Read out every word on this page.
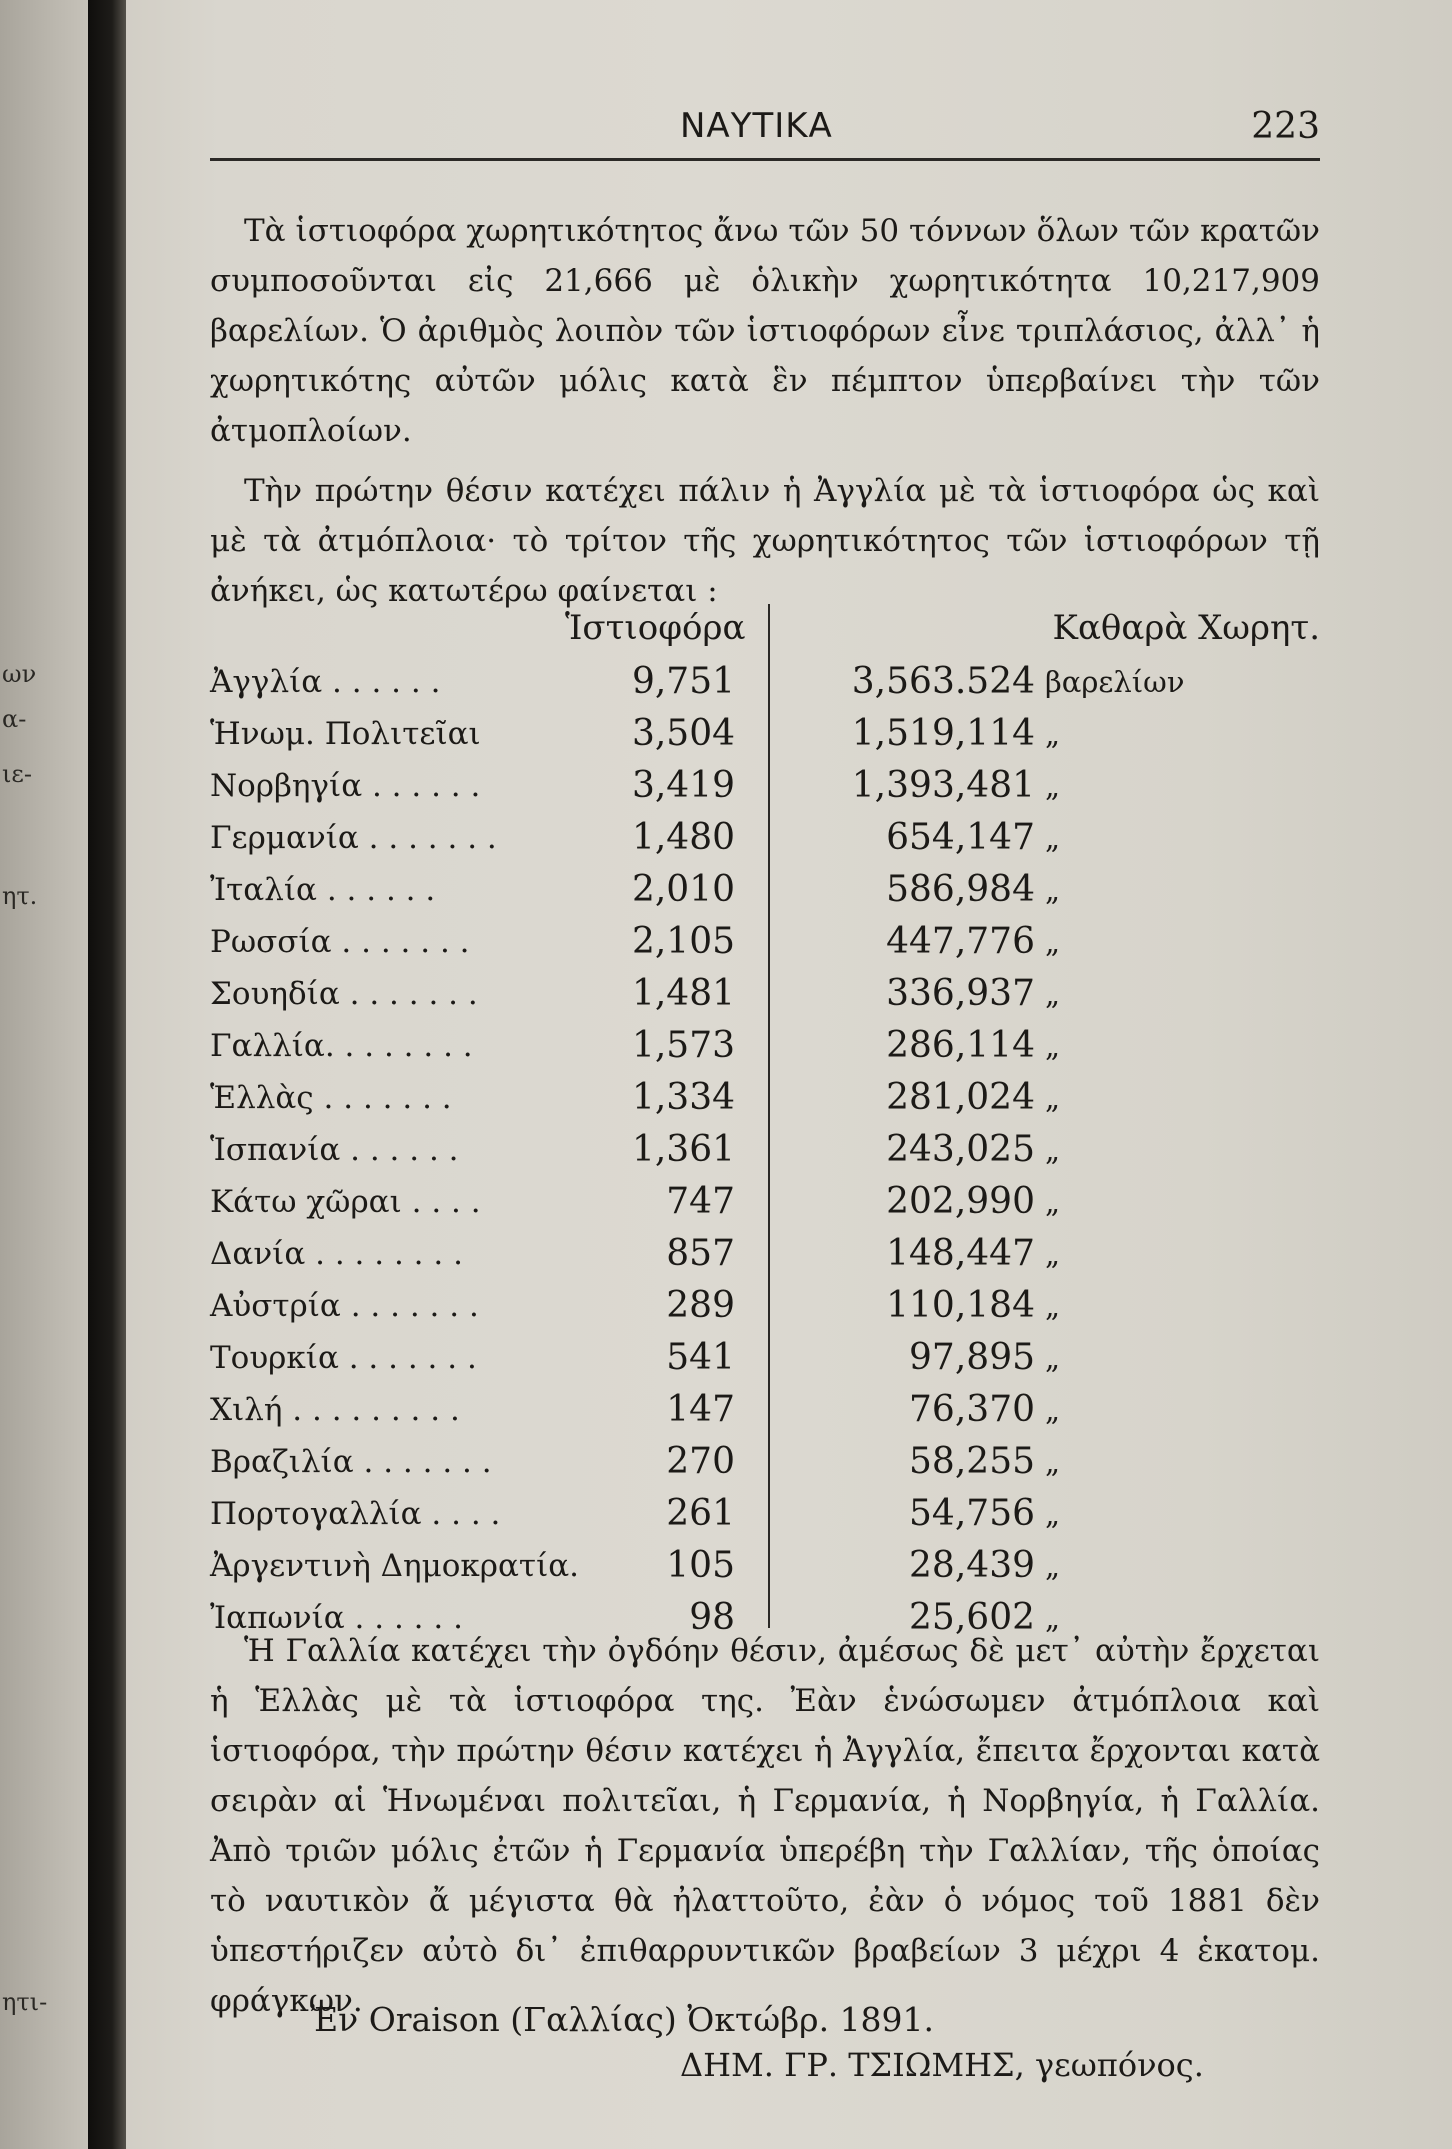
ων
α-
ιε-
ητ.
ητι-
ΝΑΥΤΙΚΑ	223

Τὰ ἱστιοφόρα χωρητικότητος ἄνω τῶν 50 τόννων ὅλων τῶν κρατῶν συμποσοῦνται εἰς 21,666 μὲ ὁλικὴν χωρητικότητα 10,217,909 βαρελίων. Ὁ ἀριθμὸς λοιπὸν τῶν ἱστιοφόρων εἶνε τριπλάσιος, ἀλλ᾽ ἡ χωρητικότης αὐτῶν μόλις κατὰ ἓν πέμπτον ὑπερβαίνει τὴν τῶν ἀτμοπλοίων.

Τὴν πρώτην θέσιν κατέχει πάλιν ἡ Ἀγγλία μὲ τὰ ἱστιοφόρα ὡς καὶ μὲ τὰ ἀτμόπλοια· τὸ τρίτον τῆς χωρητικότητος τῶν ἱστιοφόρων τῇ ἀνήκει, ὡς κατωτέρω φαίνεται :

Ἱστιοφόρα	Καθαρὰ Χωρητ.
Ἀγγλία . . . . . .	9,751	3,563.524 βαρελίων
Ἡνωμ. Πολιτεῖαι	3,504	1,519,114 „
Νορβηγία . . . . . .	3,419	1,393,481 „
Γερμανία . . . . . . .	1,480	654,147 „
Ἰταλία . . . . . .	2,010	586,984 „
Ρωσσία . . . . . . .	2,105	447,776 „
Σουηδία . . . . . . .	1,481	336,937 „
Γαλλία. . . . . . . .	1,573	286,114 „
Ἑλλὰς . . . . . . .	1,334	281,024 „
Ἱσπανία . . . . . .	1,361	243,025 „
Κάτω χῶραι . . . .	747	202,990 „
Δανία . . . . . . . .	857	148,447 „
Αὐστρία . . . . . . .	289	110,184 „
Τουρκία . . . . . . .	541	97,895 „
Χιλή . . . . . . . . .	147	76,370 „
Βραζιλία . . . . . . .	270	58,255 „
Πορτογαλλία . . . .	261	54,756 „
Ἀργεντινὴ Δημοκρατία.	105	28,439 „
Ἰαπωνία . . . . . .	98	25,602 „

Ἡ Γαλλία κατέχει τὴν ὀγδόην θέσιν, ἀμέσως δὲ μετ᾽ αὐτὴν ἔρχεται ἡ Ἑλλὰς μὲ τὰ ἱστιοφόρα της. Ἐὰν ἑνώσωμεν ἀτμόπλοια καὶ ἱστιοφόρα, τὴν πρώτην θέσιν κατέχει ἡ Ἀγγλία, ἔπειτα ἔρχονται κατὰ σειρὰν αἱ Ἡνωμέναι πολιτεῖαι, ἡ Γερμανία, ἡ Νορβηγία, ἡ Γαλλία. Ἀπὸ τριῶν μόλις ἐτῶν ἡ Γερμανία ὑπερέβη τὴν Γαλλίαν, τῆς ὁποίας τὸ ναυτικὸν ἄ μέγιστα θὰ ἠλαττοῦτο, ἐὰν ὁ νόμος τοῦ 1881 δὲν ὑπεστήριζεν αὐτὸ δι᾽ ἐπιθαρρυντικῶν βραβείων 3 μέχρι 4 ἑκατομ. φράγκων.

Ἐν Oraison (Γαλλίας) Ὀκτώβρ. 1891.
ΔΗΜ. ΓΡ. ΤΣΙΩΜΗΣ, γεωπόνος.
